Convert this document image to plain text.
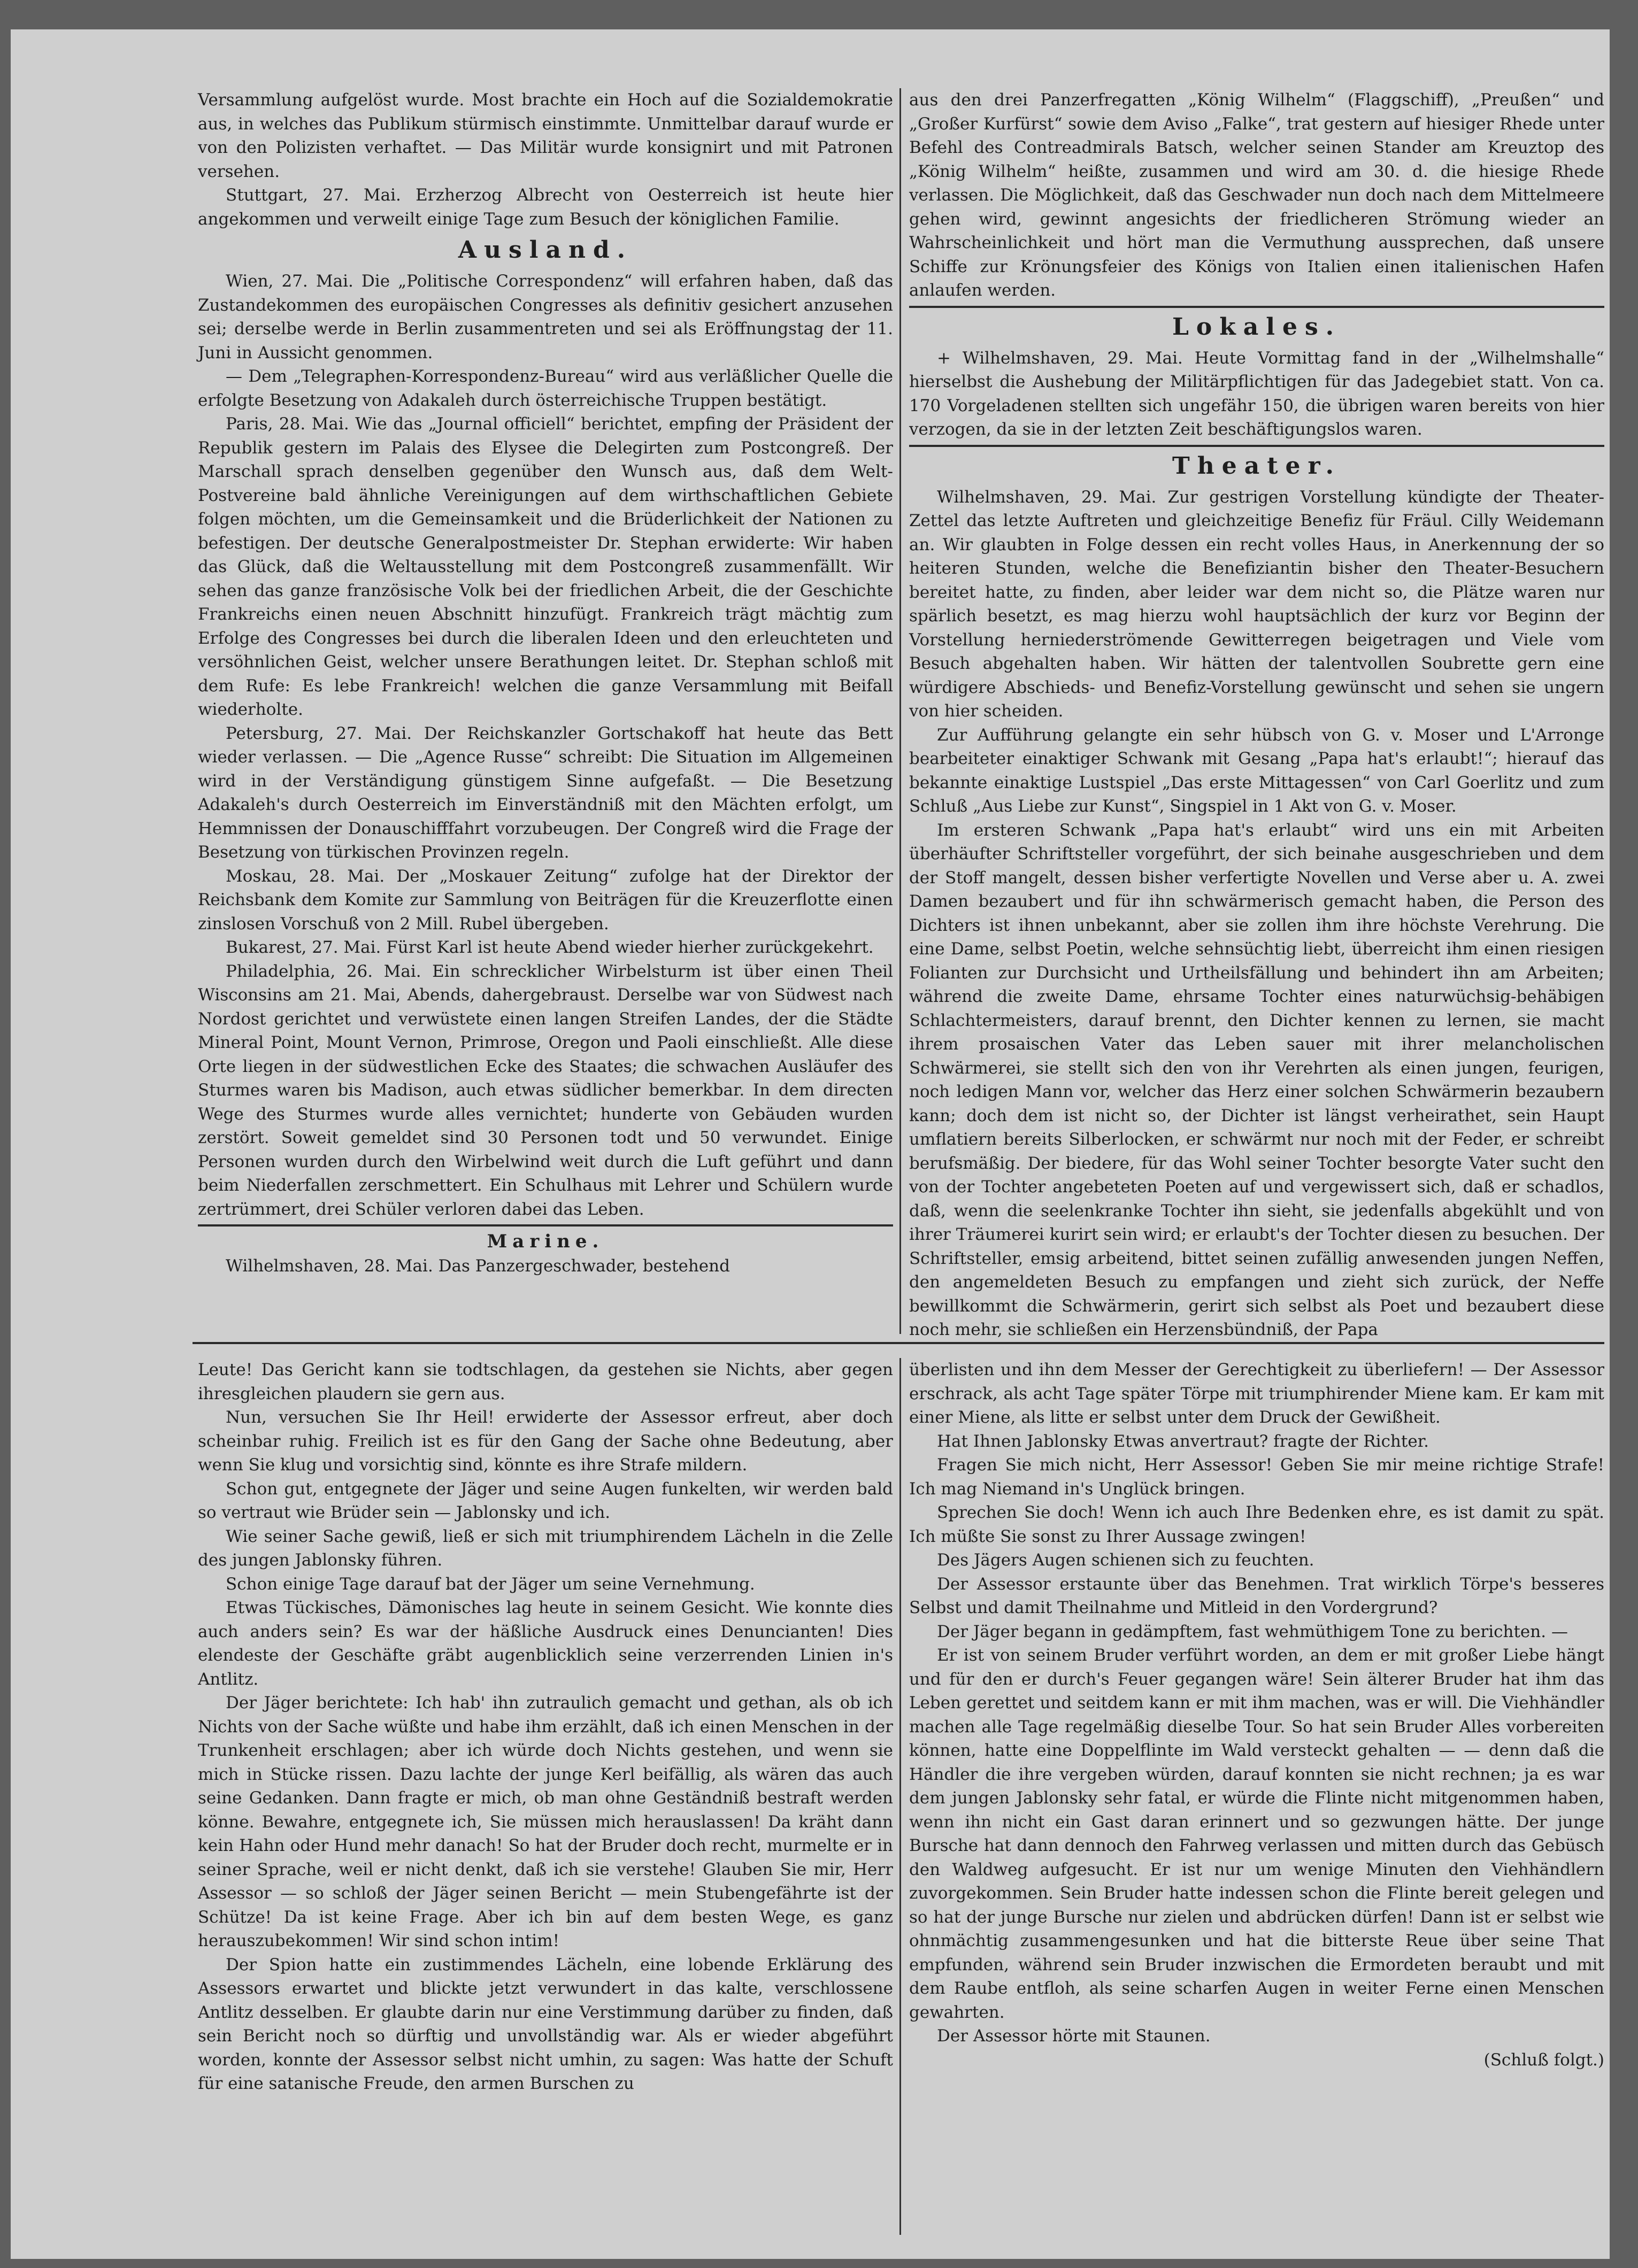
Versammlung aufgelöst wurde. Most brachte ein Hoch auf die Sozialdemokratie aus, in welches das Publikum stürmisch einstimmte. Unmittelbar darauf wurde er von den Polizisten verhaftet. — Das Militär wurde konsignirt und mit Patronen versehen.

Stuttgart, 27. Mai. Erzherzog Albrecht von Oesterreich ist heute hier angekommen und verweilt einige Tage zum Besuch der königlichen Familie.

Ausland.

Wien, 27. Mai. Die „Politische Correspondenz“ will erfahren haben, daß das Zustandekommen des europäischen Congresses als definitiv gesichert anzusehen sei; derselbe werde in Berlin zusammentreten und sei als Eröffnungstag der 11. Juni in Aussicht genommen.

— Dem „Telegraphen-Korrespondenz-Bureau“ wird aus verläßlicher Quelle die erfolgte Besetzung von Adakaleh durch österreichische Truppen bestätigt.

Paris, 28. Mai. Wie das „Journal officiell“ berichtet, empfing der Präsident der Republik gestern im Palais des Elysee die Delegirten zum Postcongreß. Der Marschall sprach denselben gegenüber den Wunsch aus, daß dem Welt-Postvereine bald ähnliche Vereinigungen auf dem wirthschaftlichen Gebiete folgen möchten, um die Gemeinsamkeit und die Brüderlichkeit der Nationen zu befestigen. Der deutsche Generalpostmeister Dr. Stephan erwiderte: Wir haben das Glück, daß die Weltausstellung mit dem Postcongreß zusammenfällt. Wir sehen das ganze französische Volk bei der friedlichen Arbeit, die der Geschichte Frankreichs einen neuen Abschnitt hinzufügt. Frankreich trägt mächtig zum Erfolge des Congresses bei durch die liberalen Ideen und den erleuchteten und versöhnlichen Geist, welcher unsere Berathungen leitet. Dr. Stephan schloß mit dem Rufe: Es lebe Frankreich! welchen die ganze Versammlung mit Beifall wiederholte.

Petersburg, 27. Mai. Der Reichskanzler Gortschakoff hat heute das Bett wieder verlassen. — Die „Agence Russe“ schreibt: Die Situation im Allgemeinen wird in der Verständigung günstigem Sinne aufgefaßt. — Die Besetzung Adakaleh's durch Oesterreich im Einverständniß mit den Mächten erfolgt, um Hemmnissen der Donauschifffahrt vorzubeugen. Der Congreß wird die Frage der Besetzung von türkischen Provinzen regeln.

Moskau, 28. Mai. Der „Moskauer Zeitung“ zufolge hat der Direktor der Reichsbank dem Komite zur Sammlung von Beiträgen für die Kreuzerflotte einen zinslosen Vorschuß von 2 Mill. Rubel übergeben.

Bukarest, 27. Mai. Fürst Karl ist heute Abend wieder hierher zurückgekehrt.

Philadelphia, 26. Mai. Ein schrecklicher Wirbelsturm ist über einen Theil Wisconsins am 21. Mai, Abends, dahergebraust. Derselbe war von Südwest nach Nordost gerichtet und verwüstete einen langen Streifen Landes, der die Städte Mineral Point, Mount Vernon, Primrose, Oregon und Paoli einschließt. Alle diese Orte liegen in der südwestlichen Ecke des Staates; die schwachen Ausläufer des Sturmes waren bis Madison, auch etwas südlicher bemerkbar. In dem directen Wege des Sturmes wurde alles vernichtet; hunderte von Gebäuden wurden zerstört. Soweit gemeldet sind 30 Personen todt und 50 verwundet. Einige Personen wurden durch den Wirbelwind weit durch die Luft geführt und dann beim Niederfallen zerschmettert. Ein Schulhaus mit Lehrer und Schülern wurde zertrümmert, drei Schüler verloren dabei das Leben.

Marine.

Wilhelmshaven, 28. Mai. Das Panzergeschwader, bestehend

aus den drei Panzerfregatten „König Wilhelm“ (Flaggschiff), „Preußen“ und „Großer Kurfürst“ sowie dem Aviso „Falke“, trat gestern auf hiesiger Rhede unter Befehl des Contreadmirals Batsch, welcher seinen Stander am Kreuztop des „König Wilhelm“ heißte, zusammen und wird am 30. d. die hiesige Rhede verlassen. Die Möglichkeit, daß das Geschwader nun doch nach dem Mittelmeere gehen wird, gewinnt angesichts der friedlicheren Strömung wieder an Wahrscheinlichkeit und hört man die Vermuthung aussprechen, daß unsere Schiffe zur Krönungsfeier des Königs von Italien einen italienischen Hafen anlaufen werden.

Lokales.

+ Wilhelmshaven, 29. Mai. Heute Vormittag fand in der „Wilhelmshalle“ hierselbst die Aushebung der Militärpflichtigen für das Jadegebiet statt. Von ca. 170 Vorgeladenen stellten sich ungefähr 150, die übrigen waren bereits von hier verzogen, da sie in der letzten Zeit beschäftigungslos waren.

Theater.

Wilhelmshaven, 29. Mai. Zur gestrigen Vorstellung kündigte der Theater-Zettel das letzte Auftreten und gleichzeitige Benefiz für Fräul. Cilly Weidemann an. Wir glaubten in Folge dessen ein recht volles Haus, in Anerkennung der so heiteren Stunden, welche die Benefiziantin bisher den Theater-Besuchern bereitet hatte, zu finden, aber leider war dem nicht so, die Plätze waren nur spärlich besetzt, es mag hierzu wohl hauptsächlich der kurz vor Beginn der Vorstellung herniederströmende Gewitterregen beigetragen und Viele vom Besuch abgehalten haben. Wir hätten der talentvollen Soubrette gern eine würdigere Abschieds- und Benefiz-Vorstellung gewünscht und sehen sie ungern von hier scheiden.

Zur Aufführung gelangte ein sehr hübsch von G. v. Moser und L'Arronge bearbeiteter einaktiger Schwank mit Gesang „Papa hat's erlaubt!“; hierauf das bekannte einaktige Lustspiel „Das erste Mittagessen“ von Carl Goerlitz und zum Schluß „Aus Liebe zur Kunst“, Singspiel in 1 Akt von G. v. Moser.

Im ersteren Schwank „Papa hat's erlaubt“ wird uns ein mit Arbeiten überhäufter Schriftsteller vorgeführt, der sich beinahe ausgeschrieben und dem der Stoff mangelt, dessen bisher verfertigte Novellen und Verse aber u. A. zwei Damen bezaubert und für ihn schwärmerisch gemacht haben, die Person des Dichters ist ihnen unbekannt, aber sie zollen ihm ihre höchste Verehrung. Die eine Dame, selbst Poetin, welche sehnsüchtig liebt, überreicht ihm einen riesigen Folianten zur Durchsicht und Urtheilsfällung und behindert ihn am Arbeiten; während die zweite Dame, ehrsame Tochter eines naturwüchsig-behäbigen Schlachtermeisters, darauf brennt, den Dichter kennen zu lernen, sie macht ihrem prosaischen Vater das Leben sauer mit ihrer melancholischen Schwärmerei, sie stellt sich den von ihr Verehrten als einen jungen, feurigen, noch ledigen Mann vor, welcher das Herz einer solchen Schwärmerin bezaubern kann; doch dem ist nicht so, der Dichter ist längst verheirathet, sein Haupt umflatiern bereits Silberlocken, er schwärmt nur noch mit der Feder, er schreibt berufsmäßig. Der biedere, für das Wohl seiner Tochter besorgte Vater sucht den von der Tochter angebeteten Poeten auf und vergewissert sich, daß er schadlos, daß, wenn die seelenkranke Tochter ihn sieht, sie jedenfalls abgekühlt und von ihrer Träumerei kurirt sein wird; er erlaubt's der Tochter diesen zu besuchen. Der Schriftsteller, emsig arbeitend, bittet seinen zufällig anwesenden jungen Neffen, den angemeldeten Besuch zu empfangen und zieht sich zurück, der Neffe bewillkommt die Schwärmerin, gerirt sich selbst als Poet und bezaubert diese noch mehr, sie schließen ein Herzensbündniß, der Papa

Leute! Das Gericht kann sie todtschlagen, da gestehen sie Nichts, aber gegen ihresgleichen plaudern sie gern aus.

Nun, versuchen Sie Ihr Heil! erwiderte der Assessor erfreut, aber doch scheinbar ruhig. Freilich ist es für den Gang der Sache ohne Bedeutung, aber wenn Sie klug und vorsichtig sind, könnte es ihre Strafe mildern.

Schon gut, entgegnete der Jäger und seine Augen funkelten, wir werden bald so vertraut wie Brüder sein — Jablonsky und ich.

Wie seiner Sache gewiß, ließ er sich mit triumphirendem Lächeln in die Zelle des jungen Jablonsky führen.

Schon einige Tage darauf bat der Jäger um seine Vernehmung.

Etwas Tückisches, Dämonisches lag heute in seinem Gesicht. Wie konnte dies auch anders sein? Es war der häßliche Ausdruck eines Denuncianten! Dies elendeste der Geschäfte gräbt augenblicklich seine verzerrenden Linien in's Antlitz.

Der Jäger berichtete: Ich hab' ihn zutraulich gemacht und gethan, als ob ich Nichts von der Sache wüßte und habe ihm erzählt, daß ich einen Menschen in der Trunkenheit erschlagen; aber ich würde doch Nichts gestehen, und wenn sie mich in Stücke rissen. Dazu lachte der junge Kerl beifällig, als wären das auch seine Gedanken. Dann fragte er mich, ob man ohne Geständniß bestraft werden könne. Bewahre, entgegnete ich, Sie müssen mich herauslassen! Da kräht dann kein Hahn oder Hund mehr danach! So hat der Bruder doch recht, murmelte er in seiner Sprache, weil er nicht denkt, daß ich sie verstehe! Glauben Sie mir, Herr Assessor — so schloß der Jäger seinen Bericht — mein Stubengefährte ist der Schütze! Da ist keine Frage. Aber ich bin auf dem besten Wege, es ganz herauszubekommen! Wir sind schon intim!

Der Spion hatte ein zustimmendes Lächeln, eine lobende Erklärung des Assessors erwartet und blickte jetzt verwundert in das kalte, verschlossene Antlitz desselben. Er glaubte darin nur eine Verstimmung darüber zu finden, daß sein Bericht noch so dürftig und unvollständig war. Als er wieder abgeführt worden, konnte der Assessor selbst nicht umhin, zu sagen: Was hatte der Schuft für eine satanische Freude, den armen Burschen zu

überlisten und ihn dem Messer der Gerechtigkeit zu überliefern! — Der Assessor erschrack, als acht Tage später Törpe mit triumphirender Miene kam. Er kam mit einer Miene, als litte er selbst unter dem Druck der Gewißheit.

Hat Ihnen Jablonsky Etwas anvertraut? fragte der Richter.

Fragen Sie mich nicht, Herr Assessor! Geben Sie mir meine richtige Strafe! Ich mag Niemand in's Unglück bringen.

Sprechen Sie doch! Wenn ich auch Ihre Bedenken ehre, es ist damit zu spät. Ich müßte Sie sonst zu Ihrer Aussage zwingen!

Des Jägers Augen schienen sich zu feuchten.

Der Assessor erstaunte über das Benehmen. Trat wirklich Törpe's besseres Selbst und damit Theilnahme und Mitleid in den Vordergrund?

Der Jäger begann in gedämpftem, fast wehmüthigem Tone zu berichten. —

Er ist von seinem Bruder verführt worden, an dem er mit großer Liebe hängt und für den er durch's Feuer gegangen wäre! Sein älterer Bruder hat ihm das Leben gerettet und seitdem kann er mit ihm machen, was er will. Die Viehhändler machen alle Tage regelmäßig dieselbe Tour. So hat sein Bruder Alles vorbereiten können, hatte eine Doppelflinte im Wald versteckt gehalten — — denn daß die Händler die ihre vergeben würden, darauf konnten sie nicht rechnen; ja es war dem jungen Jablonsky sehr fatal, er würde die Flinte nicht mitgenommen haben, wenn ihn nicht ein Gast daran erinnert und so gezwungen hätte. Der junge Bursche hat dann dennoch den Fahrweg verlassen und mitten durch das Gebüsch den Waldweg aufgesucht. Er ist nur um wenige Minuten den Viehhändlern zuvorgekommen. Sein Bruder hatte indessen schon die Flinte bereit gelegen und so hat der junge Bursche nur zielen und abdrücken dürfen! Dann ist er selbst wie ohnmächtig zusammengesunken und hat die bitterste Reue über seine That empfunden, während sein Bruder inzwischen die Ermordeten beraubt und mit dem Raube entfloh, als seine scharfen Augen in weiter Ferne einen Menschen gewahrten.

Der Assessor hörte mit Staunen.

(Schluß folgt.)
